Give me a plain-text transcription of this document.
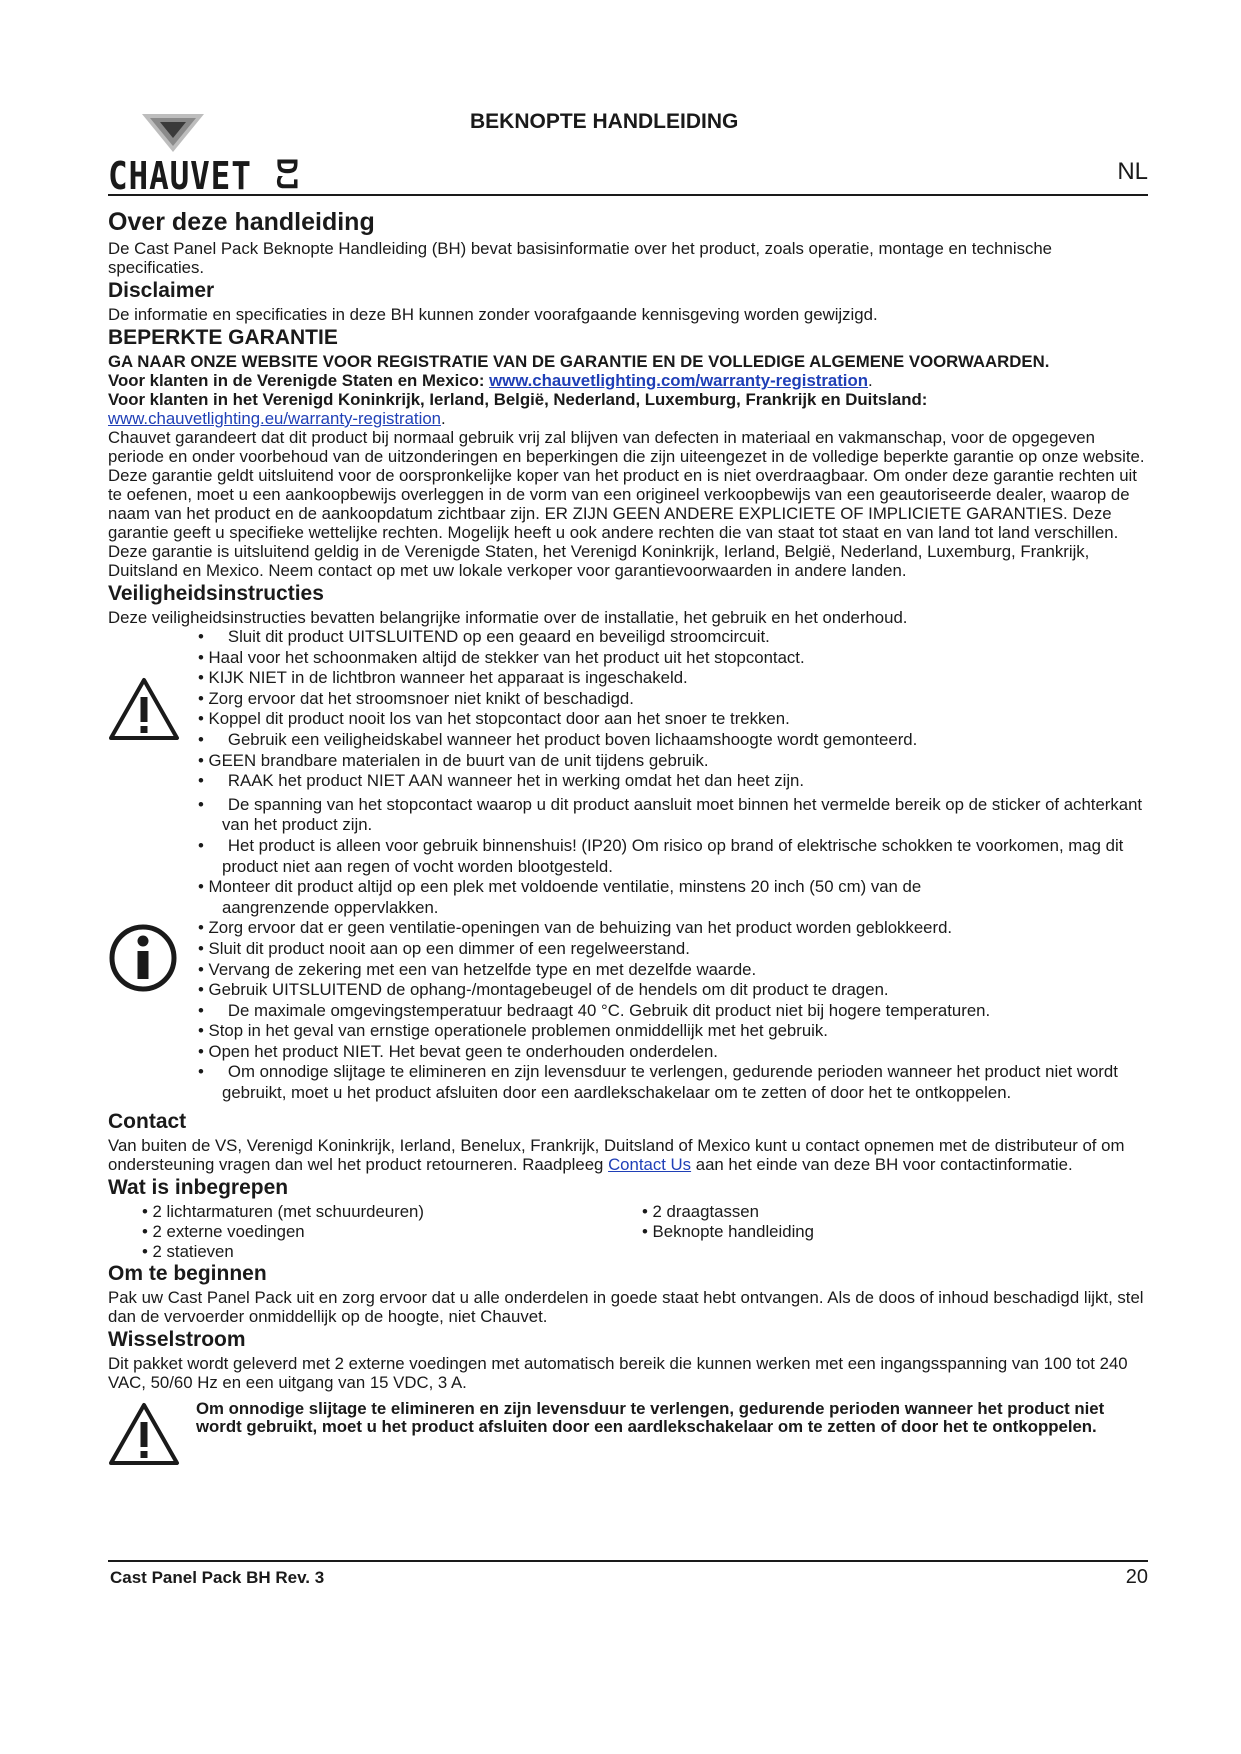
CHAUVET DJ
BEKNOPTE HANDLEIDING
NL
Over deze handleiding

De Cast Panel Pack Beknopte Handleiding (BH) bevat basisinformatie over het product, zoals operatie, montage en technische specificaties.

Disclaimer

De informatie en specificaties in deze BH kunnen zonder voorafgaande kennisgeving worden gewijzigd.

BEPERKTE GARANTIE

GA NAAR ONZE WEBSITE VOOR REGISTRATIE VAN DE GARANTIE EN DE VOLLEDIGE ALGEMENE VOORWAARDEN.

Voor klanten in de Verenigde Staten en Mexico: www.chauvetlighting.com/warranty-registration.

Voor klanten in het Verenigd Koninkrijk, Ierland, België, Nederland, Luxemburg, Frankrijk en Duitsland:

www.chauvetlighting.eu/warranty-registration.

Chauvet garandeert dat dit product bij normaal gebruik vrij zal blijven van defecten in materiaal en vakmanschap, voor de opgegeven periode en onder voorbehoud van de uitzonderingen en beperkingen die zijn uiteengezet in de volledige beperkte garantie op onze website. Deze garantie geldt uitsluitend voor de oorspronkelijke koper van het product en is niet overdraagbaar. Om onder deze garantie rechten uit te oefenen, moet u een aankoopbewijs overleggen in de vorm van een origineel verkoopbewijs van een geautoriseerde dealer, waarop de naam van het product en de aankoopdatum zichtbaar zijn. ER ZIJN GEEN ANDERE EXPLICIETE OF IMPLICIETE GARANTIES. Deze garantie geeft u specifieke wettelijke rechten. Mogelijk heeft u ook andere rechten die van staat tot staat en van land tot land verschillen. Deze garantie is uitsluitend geldig in de Verenigde Staten, het Verenigd Koninkrijk, Ierland, België, Nederland, Luxemburg, Frankrijk, Duitsland en Mexico. Neem contact op met uw lokale verkoper voor garantievoorwaarden in andere landen.

Veiligheidsinstructies

Deze veiligheidsinstructies bevatten belangrijke informatie over de installatie, het gebruik en het onderhoud.

• Sluit dit product UITSLUITEND op een geaard en beveiligd stroomcircuit.

• Haal voor het schoonmaken altijd de stekker van het product uit het stopcontact.

• KIJK NIET in de lichtbron wanneer het apparaat is ingeschakeld.

• Zorg ervoor dat het stroomsnoer niet knikt of beschadigd.

• Koppel dit product nooit los van het stopcontact door aan het snoer te trekken.

• Gebruik een veiligheidskabel wanneer het product boven lichaamshoogte wordt gemonteerd.

• GEEN brandbare materialen in de buurt van de unit tijdens gebruik.

• RAAK het product NIET AAN wanneer het in werking omdat het dan heet zijn.

• De spanning van het stopcontact waarop u dit product aansluit moet binnen het vermelde bereik op de sticker of achterkant van het product zijn.

• Het product is alleen voor gebruik binnenshuis! (IP20) Om risico op brand of elektrische schokken te voorkomen, mag dit product niet aan regen of vocht worden blootgesteld.

• Monteer dit product altijd op een plek met voldoende ventilatie, minstens 20 inch (50 cm) van de

aangrenzende oppervlakken.

• Zorg ervoor dat er geen ventilatie-openingen van de behuizing van het product worden geblokkeerd.

• Sluit dit product nooit aan op een dimmer of een regelweerstand.

• Vervang de zekering met een van hetzelfde type en met dezelfde waarde.

• Gebruik UITSLUITEND de ophang-/montagebeugel of de hendels om dit product te dragen.

• De maximale omgevingstemperatuur bedraagt 40 °C. Gebruik dit product niet bij hogere temperaturen.

• Stop in het geval van ernstige operationele problemen onmiddellijk met het gebruik.

• Open het product NIET. Het bevat geen te onderhouden onderdelen.

• Om onnodige slijtage te elimineren en zijn levensduur te verlengen, gedurende perioden wanneer het product niet wordt gebruikt, moet u het product afsluiten door een aardlekschakelaar om te zetten of door het te ontkoppelen.

Contact

Van buiten de VS, Verenigd Koninkrijk, Ierland, Benelux, Frankrijk, Duitsland of Mexico kunt u contact opnemen met de distributeur of om ondersteuning vragen dan wel het product retourneren. Raadpleeg Contact Us aan het einde van deze BH voor contactinformatie.

Wat is inbegrepen

• 2 lichtarmaturen (met schuurdeuren)

• 2 externe voedingen

• 2 statieven

• 2 draagtassen

• Beknopte handleiding

Om te beginnen

Pak uw Cast Panel Pack uit en zorg ervoor dat u alle onderdelen in goede staat hebt ontvangen. Als de doos of inhoud beschadigd lijkt, stel dan de vervoerder onmiddellijk op de hoogte, niet Chauvet.

Wisselstroom

Dit pakket wordt geleverd met 2 externe voedingen met automatisch bereik die kunnen werken met een ingangsspanning van 100 tot 240 VAC, 50/60 Hz en een uitgang van 15 VDC, 3 A.

Om onnodige slijtage te elimineren en zijn levensduur te verlengen, gedurende perioden wanneer het product niet wordt gebruikt, moet u het product afsluiten door een aardlekschakelaar om te zetten of door het te ontkoppelen.

Cast Panel Pack BH Rev. 3	20
